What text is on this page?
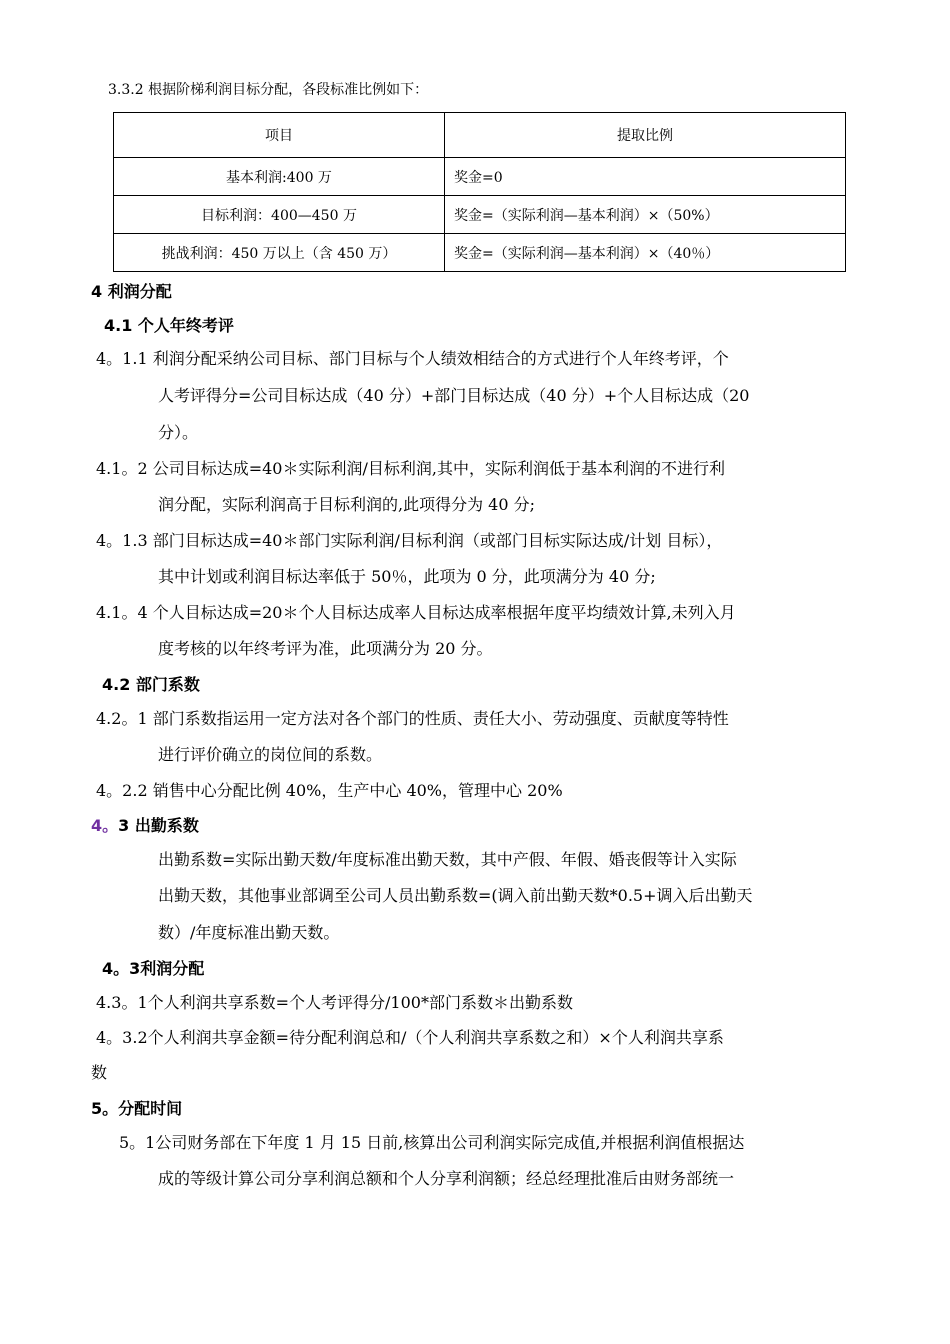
3.3.2 根据阶梯利润目标分配，各段标准比例如下：
项目	提取比例
基本利润:400 万	奖金=0
目标利润：400—450 万	奖金=（实际利润—基本利润）×（50%）
挑战利润：450 万以上（含 450 万）	奖金=（实际利润—基本利润）×（40％）
4 利润分配
4.1 个人年终考评
4。1.1 利润分配采纳公司目标、部门目标与个人绩效相结合的方式进行个人年终考评，个
人考评得分=公司目标达成（40 分）+部门目标达成（40 分）+个人目标达成（20
分）。
4.1。2 公司目标达成=40＊实际利润/目标利润,其中，实际利润低于基本利润的不进行利
润分配，实际利润高于目标利润的,此项得分为 40 分;
4。1.3 部门目标达成=40＊部门实际利润/目标利润（或部门目标实际达成/计划 目标），
其中计划或利润目标达率低于 50％，此项为 0 分，此项满分为 40 分;
4.1。4 个人目标达成=20＊个人目标达成率人目标达成率根据年度平均绩效计算,未列入月
度考核的以年终考评为准，此项满分为 20 分。
4.2 部门系数
4.2。1 部门系数指运用一定方法对各个部门的性质、责任大小、劳动强度、贡献度等特性
进行评价确立的岗位间的系数。
4。2.2 销售中心分配比例 40%，生产中心 40%，管理中心 20%
4。3 出勤系数
出勤系数=实际出勤天数/年度标准出勤天数，其中产假、年假、婚丧假等计入实际
出勤天数，其他事业部调至公司人员出勤系数=(调入前出勤天数*0.5+调入后出勤天
数）/年度标准出勤天数。
4。3利润分配
4.3。1个人利润共享系数=个人考评得分/100*部门系数＊出勤系数
4。3.2个人利润共享金额=待分配利润总和/（个人利润共享系数之和）×个人利润共享系
数
5。分配时间
5。1公司财务部在下年度 1 月 15 日前,核算出公司利润实际完成值,并根据利润值根据达
成的等级计算公司分享利润总额和个人分享利润额；经总经理批准后由财务部统一
